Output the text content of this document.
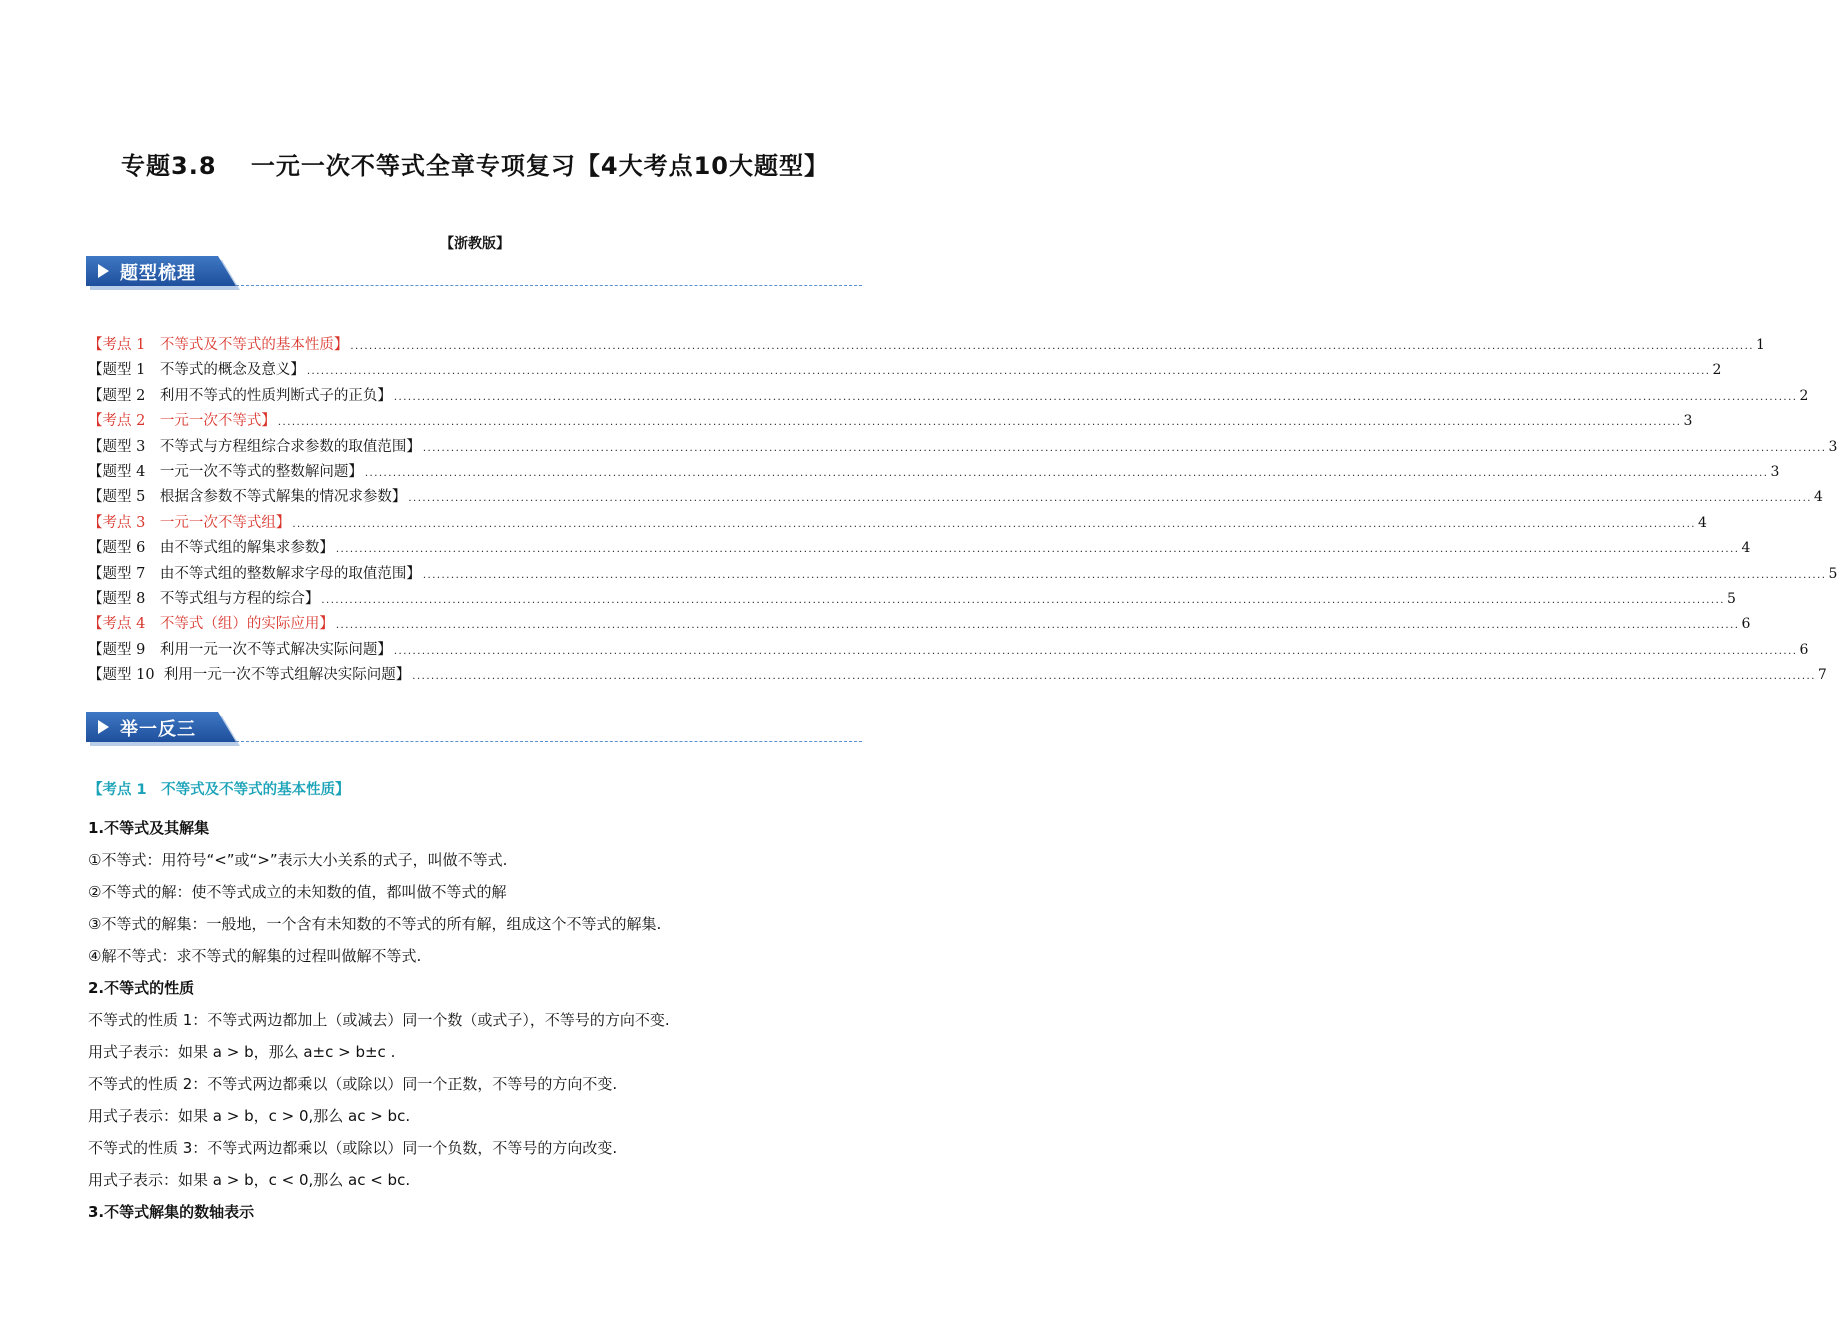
专题3.8　 一元一次不等式全章专项复习【4大考点10大题型】
【浙教版】
题型梳理
【考点 1　不等式及不等式的基本性质】 ............................................................................................................................................................................................................................................................................................................ 1
【题型 1　不等式的概念及意义】 ............................................................................................................................................................................................................................................................................................................ 2
【题型 2　利用不等式的性质判断式子的正负】 ............................................................................................................................................................................................................................................................................................................ 2
【考点 2　一元一次不等式】 ............................................................................................................................................................................................................................................................................................................ 3
【题型 3　不等式与方程组综合求参数的取值范围】 ............................................................................................................................................................................................................................................................................................................ 3
【题型 4　一元一次不等式的整数解问题】 ............................................................................................................................................................................................................................................................................................................ 3
【题型 5　根据含参数不等式解集的情况求参数】 ............................................................................................................................................................................................................................................................................................................ 4
【考点 3　一元一次不等式组】 ............................................................................................................................................................................................................................................................................................................ 4
【题型 6　由不等式组的解集求参数】 ............................................................................................................................................................................................................................................................................................................ 4
【题型 7　由不等式组的整数解求字母的取值范围】 ............................................................................................................................................................................................................................................................................................................ 5
【题型 8　不等式组与方程的综合】 ............................................................................................................................................................................................................................................................................................................ 5
【考点 4　不等式（组）的实际应用】 ............................................................................................................................................................................................................................................................................................................ 6
【题型 9　利用一元一次不等式解决实际问题】 ............................................................................................................................................................................................................................................................................................................ 6
【题型 10  利用一元一次不等式组解决实际问题】 ............................................................................................................................................................................................................................................................................................................ 7
举一反三
【考点 1　不等式及不等式的基本性质】

1.不等式及其解集

①不等式：用符号“<”或“>”表示大小关系的式子，叫做不等式.

②不等式的解：使不等式成立的未知数的值，都叫做不等式的解

③不等式的解集：一般地，一个含有未知数的不等式的所有解，组成这个不等式的解集.

④解不等式：求不等式的解集的过程叫做解不等式.

2.不等式的性质

不等式的性质 1：不等式两边都加上（或减去）同一个数（或式子），不等号的方向不变.

用式子表示：如果 a > b，那么 a±c > b±c .

不等式的性质 2：不等式两边都乘以（或除以）同一个正数，不等号的方向不变.

用式子表示：如果 a > b，c > 0,那么 ac > bc.

不等式的性质 3：不等式两边都乘以（或除以）同一个负数，不等号的方向改变.

用式子表示：如果 a > b，c < 0,那么 ac < bc.

3.不等式解集的数轴表示
